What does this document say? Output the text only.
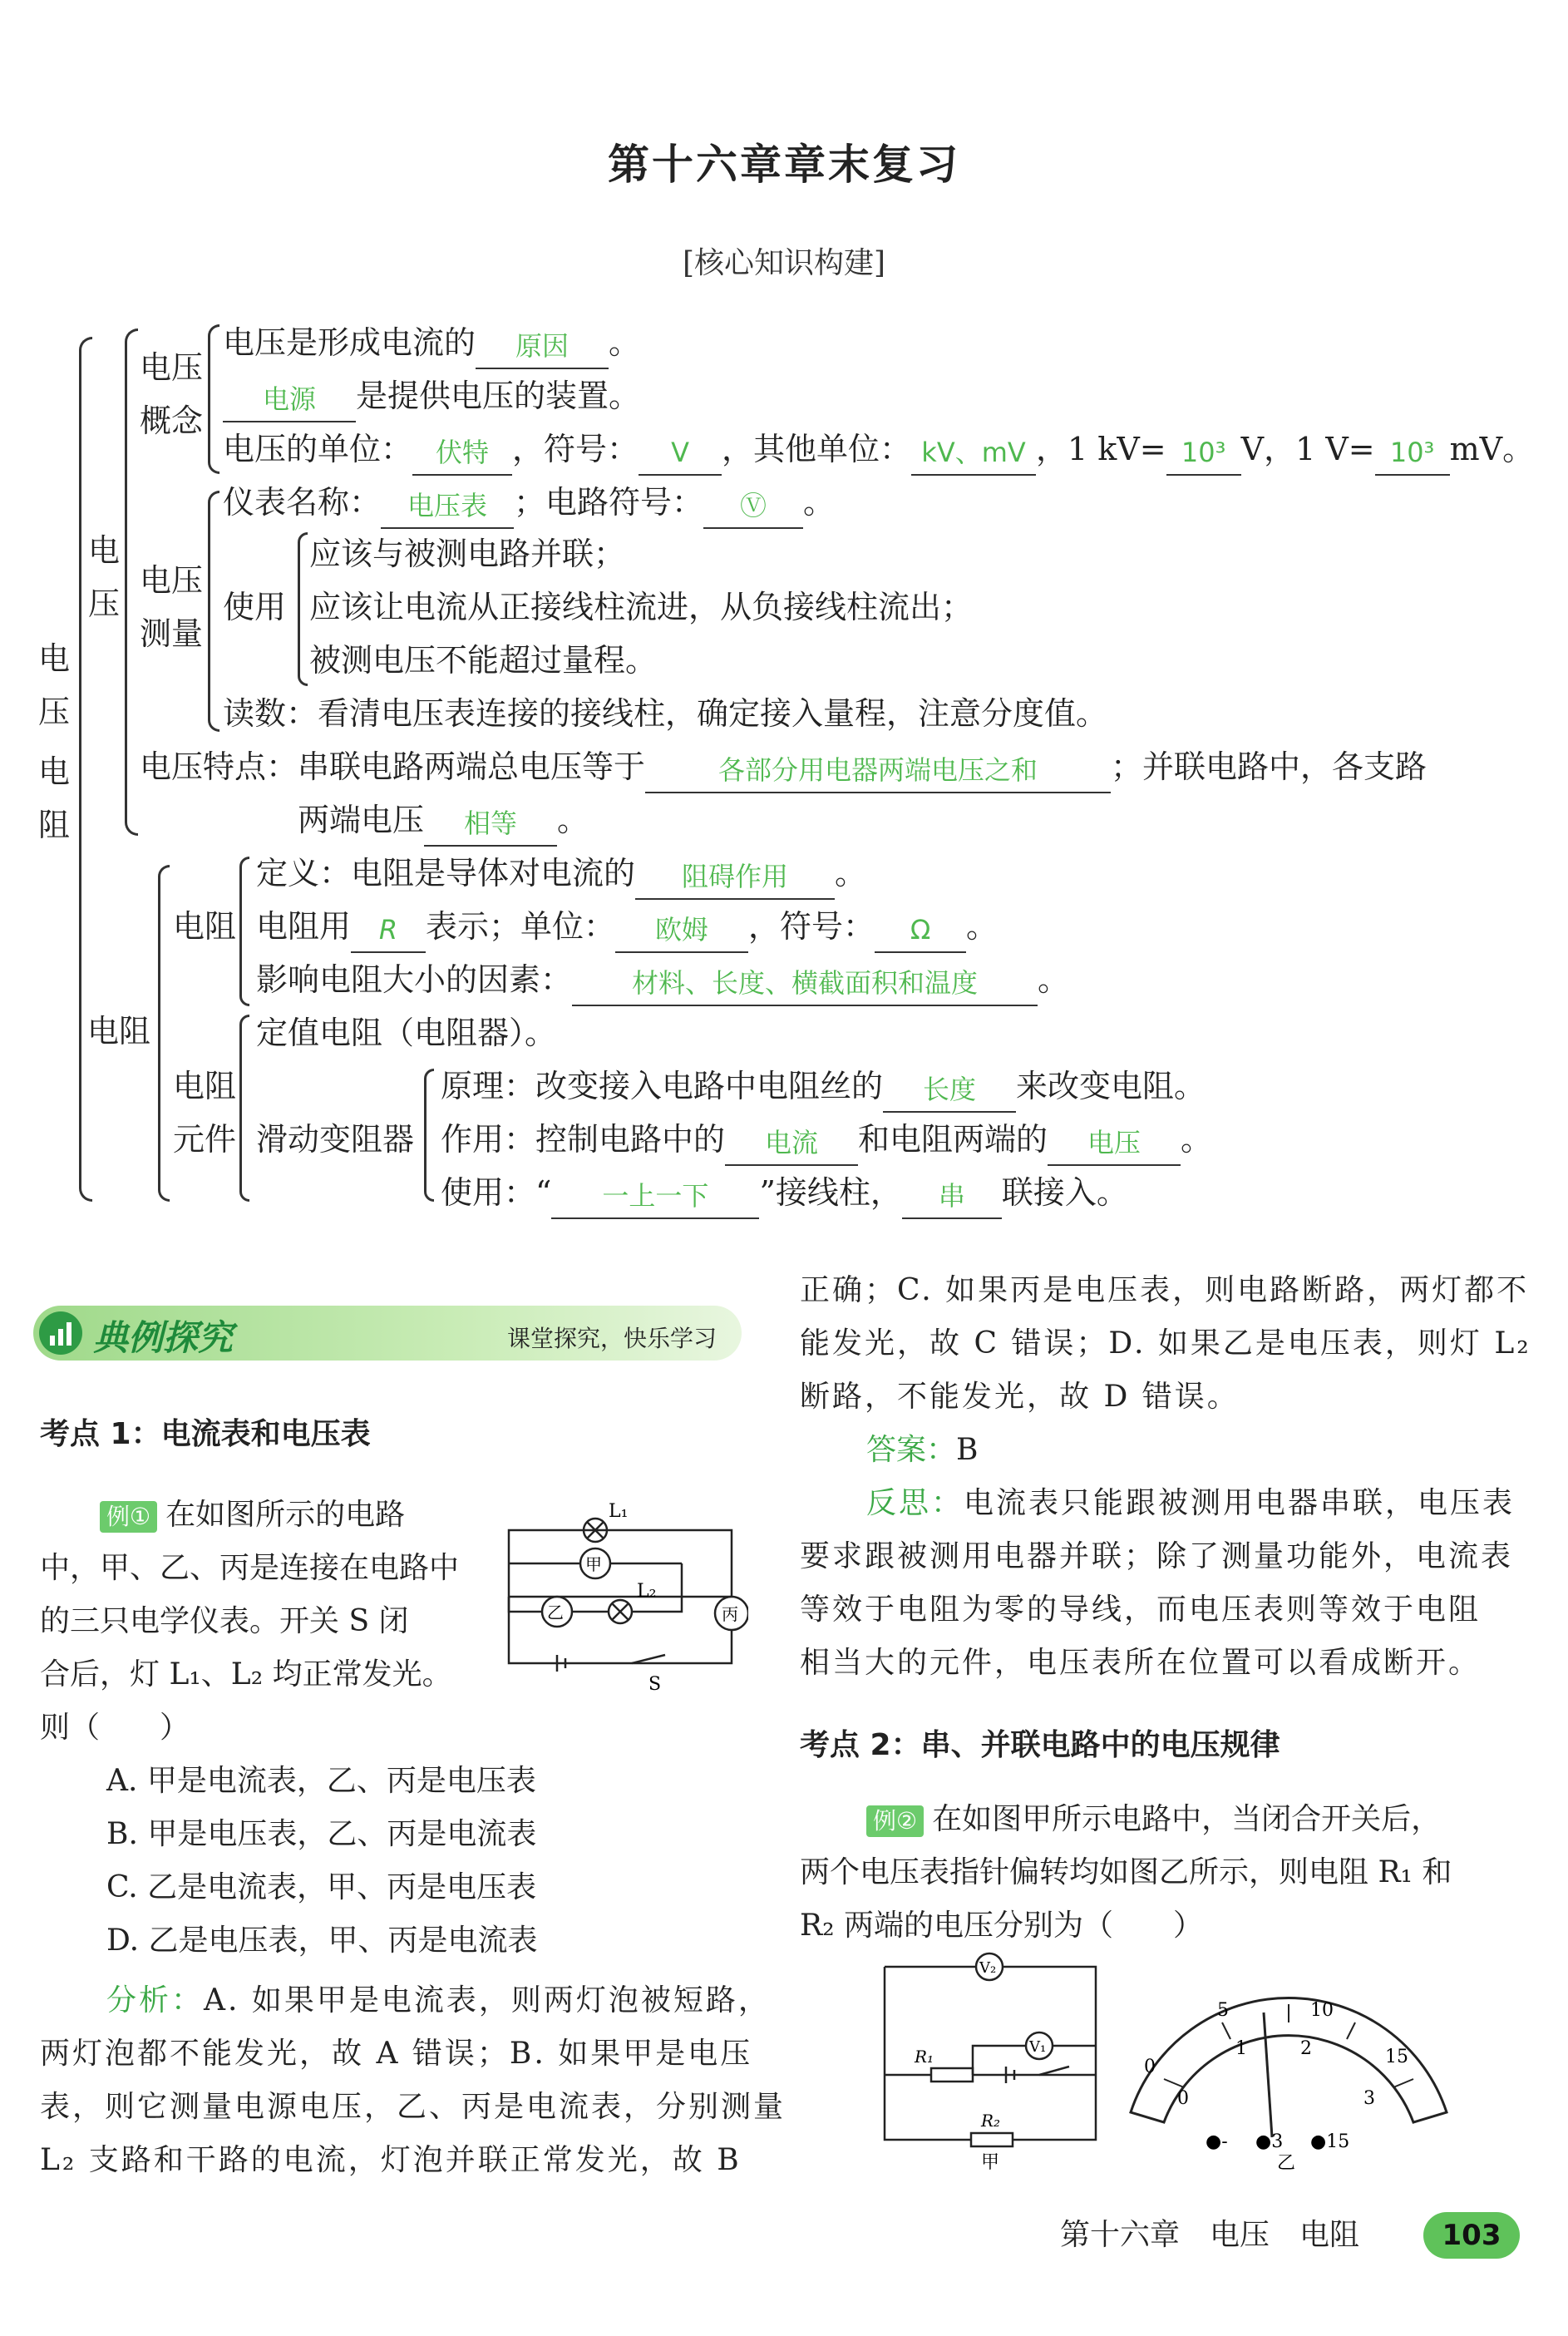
第十六章章末复习
[核心知识构建]
电
压
电
阻
电
压
电压
概念
电压是形成电流的 原因 。
电源 是提供电压的装置。
电压的单位： 伏特 ，符号： V ，其他单位： kV、mV ，1 kV= 10³ V，1 V= 10³ mV。
电压
测量
仪表名称： 电压表 ；电路符号： Ⓥ 。
使用
应该与被测电路并联；
应该让电流从正接线柱流进，从负接线柱流出；
被测电压不能超过量程。
读数：看清电压表连接的接线柱，确定接入量程，注意分度值。
电压特点：串联电路两端总电压等于	各部分用电器两端电压之和 ；并联电路中，各支路
两端电压 相等 。
电阻
电阻
定义：电阻是导体对电流的 阻碍作用 。
电阻用 R 表示；单位： 欧姆 ，符号： Ω 。
影响电阻大小的因素： 材料、长度、横截面积和温度 。
电阻
元件
定值电阻（电阻器）。
滑动变阻器
原理：改变接入电路中电阻丝的 长度 来改变电阻。
作用：控制电路中的 电流 和电阻两端的 电压 。
使用：“ 一上一下 ”接线柱， 串 联接入。
典例探究	课堂探究，快乐学习
考点 1：电流表和电压表
例① 在如图所示的电路
中，甲、乙、丙是连接在电路中
的三只电学仪表。开关 S 闭
合后，灯 L₁、L₂ 均正常发光。
则（　　）
L₁
甲
乙
L₂
丙
S
A. 甲是电流表，乙、丙是电压表
B. 甲是电压表，乙、丙是电流表
C. 乙是电流表，甲、丙是电压表
D. 乙是电压表，甲、丙是电流表
分析：A. 如果甲是电流表，则两灯泡被短路，
两灯泡都不能发光，故 A 错误；B. 如果甲是电压
表，则它测量电源电压，乙、丙是电流表，分别测量
L₂ 支路和干路的电流，灯泡并联正常发光，故 B
正确；C. 如果丙是电压表，则电路断路，两灯都不
能发光，故 C 错误；D. 如果乙是电压表，则灯 L₂
断路，不能发光，故 D 错误。
答案：B
反思：电流表只能跟被测用电器串联，电压表
要求跟被测用电器并联；除了测量功能外，电流表
等效于电阻为零的导线，而电压表则等效于电阻
相当大的元件，电压表所在位置可以看成断开。
考点 2：串、并联电路中的电压规律
例② 在如图甲所示电路中，当闭合开关后，
两个电压表指针偏转均如图乙所示，则电阻 R₁ 和
R₂ 两端的电压分别为（　　）
V₂
V₁
R₁
R₂
甲
0
5	10
15
0
1	2
3
●- ●3 ●15
乙
第十六章　电压　电阻	103
